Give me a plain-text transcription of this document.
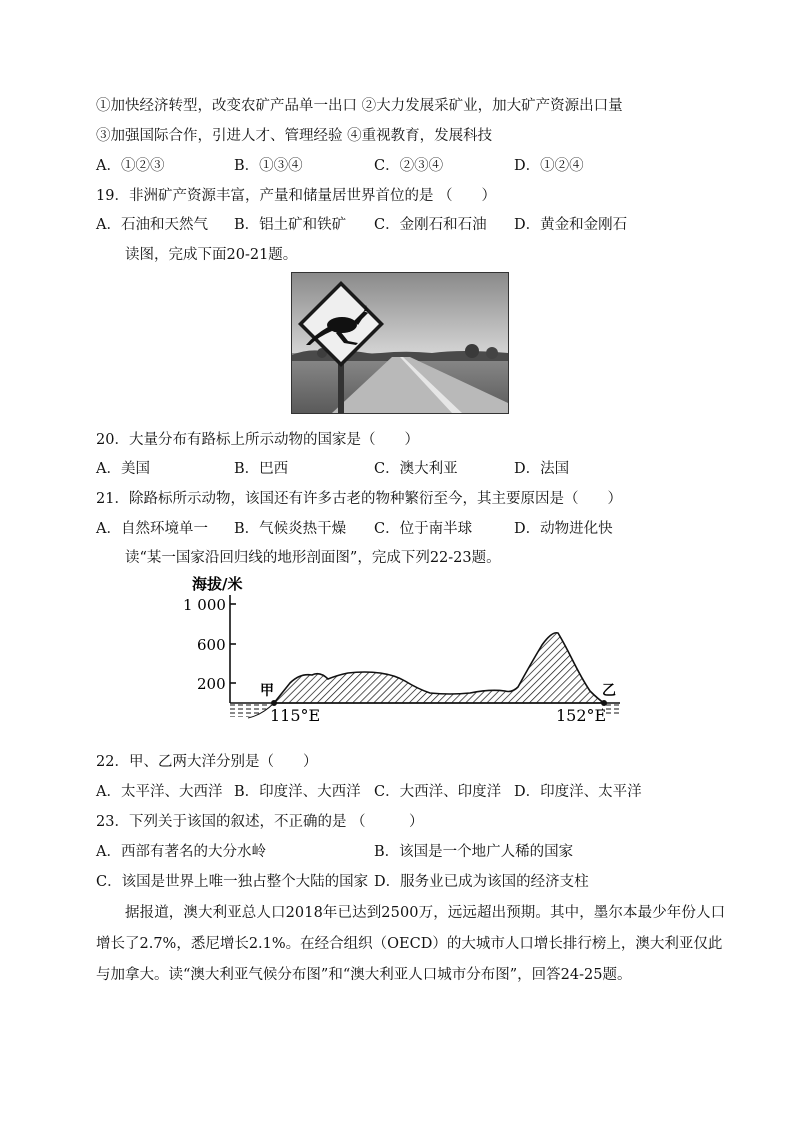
①加快经济转型，改变农矿产品单一出口 ②大力发展采矿业，加大矿产资源出口量
③加强国际合作，引进人才、管理经验 ④重视教育，发展科技
A．①②③	B．①③④	C．②③④	D．①②④
19．非洲矿产资源丰富，产量和储量居世界首位的是 （　　）
A．石油和天然气 B．铝土矿和铁矿 C．金刚石和石油 D．黄金和金刚石
读图，完成下面20-21题。
20．大量分布有路标上所示动物的国家是（　　）
A．美国	B．巴西	C．澳大利亚	D．法国
21．除路标所示动物，该国还有许多古老的物种繁衍至今，其主要原因是（　　）
A．自然环境单一 B．气候炎热干燥 C．位于南半球	D．动物进化快
读“某一国家沿回归线的地形剖面图”，完成下列22-23题。
海拔/米
1 000
600
200 甲	乙
115°E	152°E
22．甲、乙两大洋分别是（　　）
A．太平洋、大西洋 B．印度洋、大西洋 C．大西洋、印度洋 D．印度洋、太平洋
23．下列关于该国的叙述，不正确的是 （　　　）
A．西部有著名的大分水岭	B．该国是一个地广人稀的国家
C．该国是世界上唯一独占整个大陆的国家 D．服务业已成为该国的经济支柱
据报道，澳大利亚总人口2018年已达到2500万，远远超出预期。其中，墨尔本最少年份人口
增长了2.7%，悉尼增长2.1%。在经合组织（OECD）的大城市人口增长排行榜上，澳大利亚仅此
与加拿大。读“澳大利亚气候分布图”和“澳大利亚人口城市分布图”，回答24-25题。
